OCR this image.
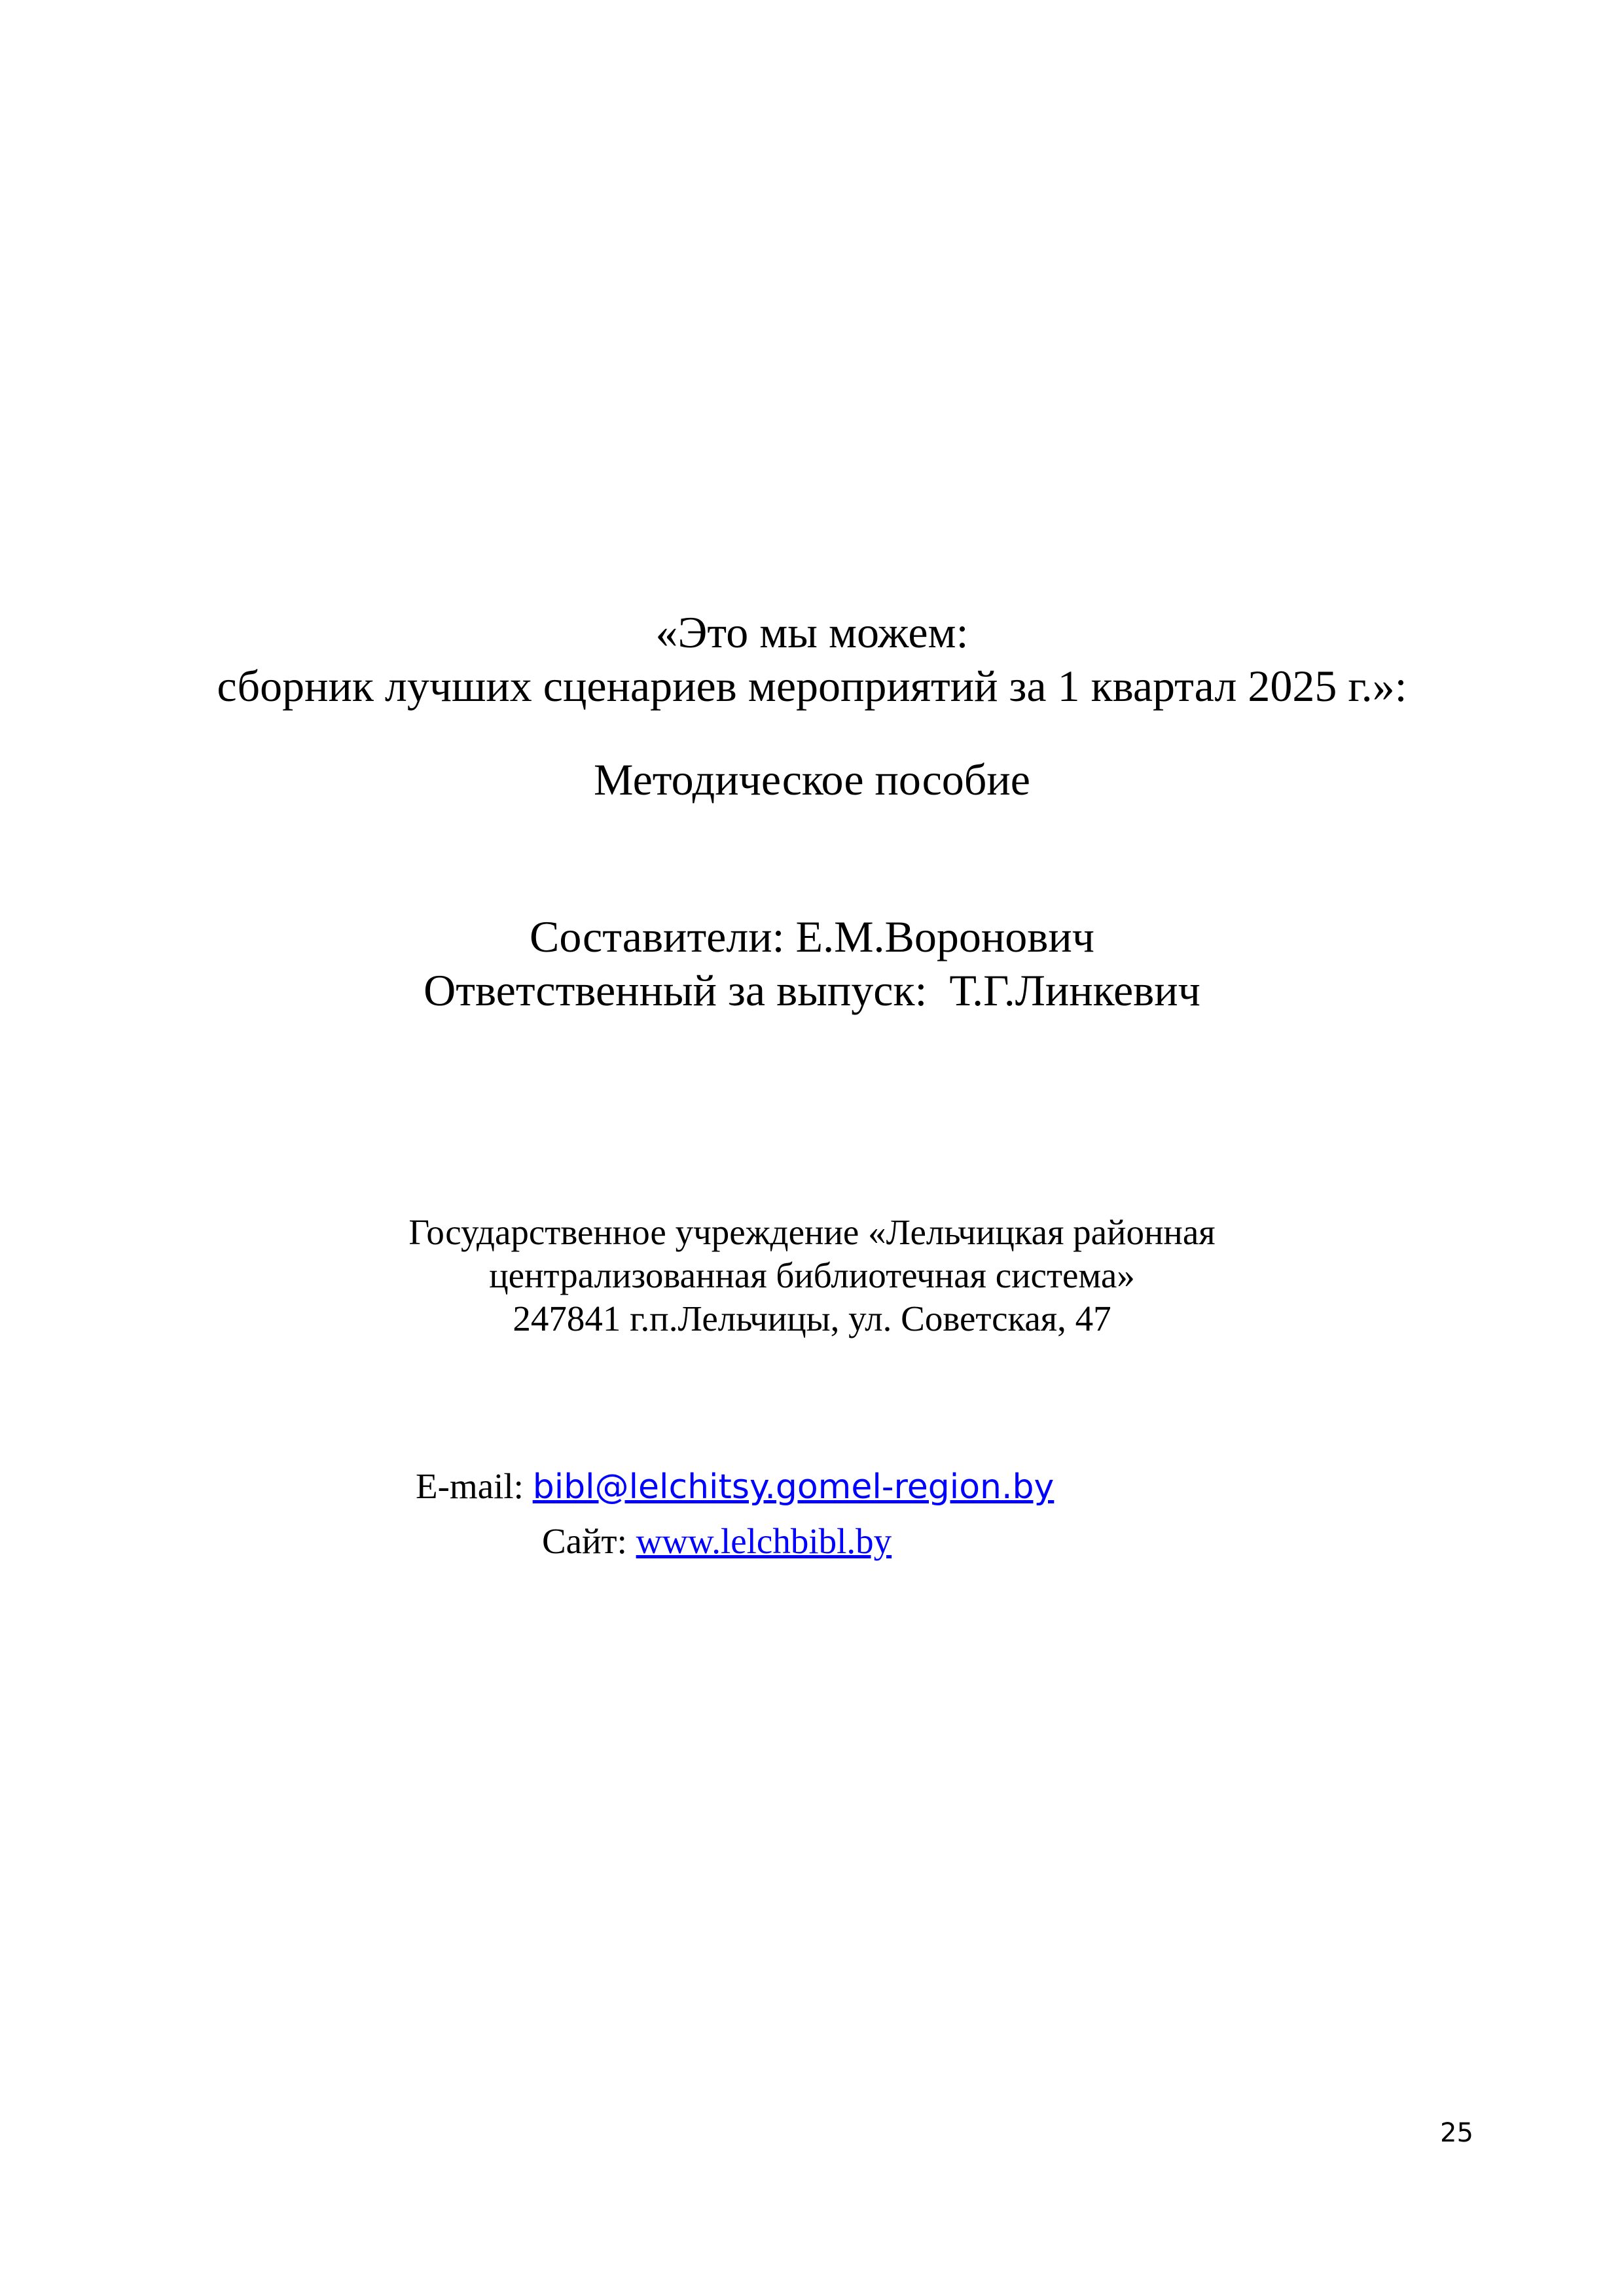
«Это мы можем:
сборник лучших сценариев мероприятий за 1 квартал 2025 г.»:
Методическое пособие
Составители: Е.М.Воронович
Ответственный за выпуск:  Т.Г.Линкевич
Государственное учреждение «Лельчицкая районная
централизованная библиотечная система»
247841 г.п.Лельчицы, ул. Советская, 47
E-mail: bibl@lelchitsy.gomel-region.by
Сайт: www.lelchbibl.by
25
